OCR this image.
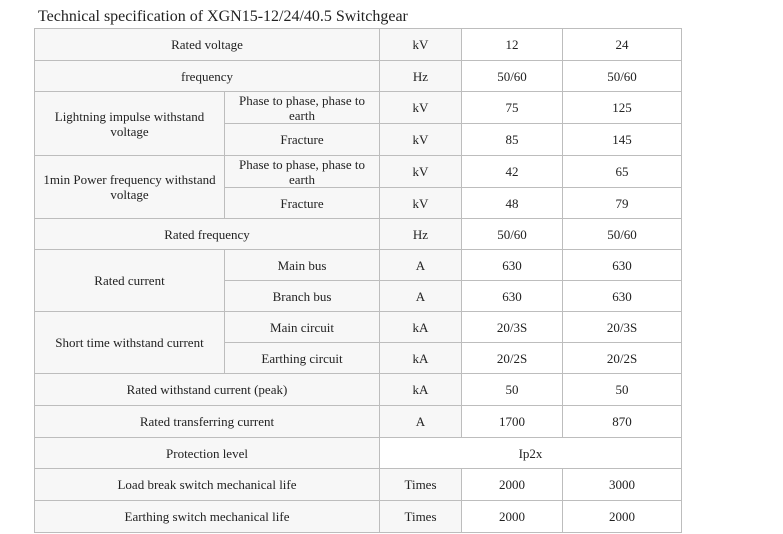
Technical specification of XGN15-12/24/40.5 Switchgear
Rated voltage		kV	12	24
frequency		Hz	50/60	50/60
Lightning impulse withstand voltage	Phase to phase, phase to earth	kV	75	125
	Fracture	kV	85	145
1min Power frequency withstand voltage	Phase to phase, phase to earth	kV	42	65
	Fracture	kV	48	79
Rated frequency		Hz	50/60	50/60
Rated current	Main bus	A	630	630
	Branch bus	A	630	630
Short time withstand current	Main circuit	kA	20/3S	20/3S
	Earthing circuit	kA	20/2S	20/2S
Rated withstand current (peak)		kA	50	50
Rated transferring current		A	1700	870
Protection level		Ip2x		
Load break switch mechanical life		Times	2000	3000
Earthing switch mechanical life		Times	2000	2000
